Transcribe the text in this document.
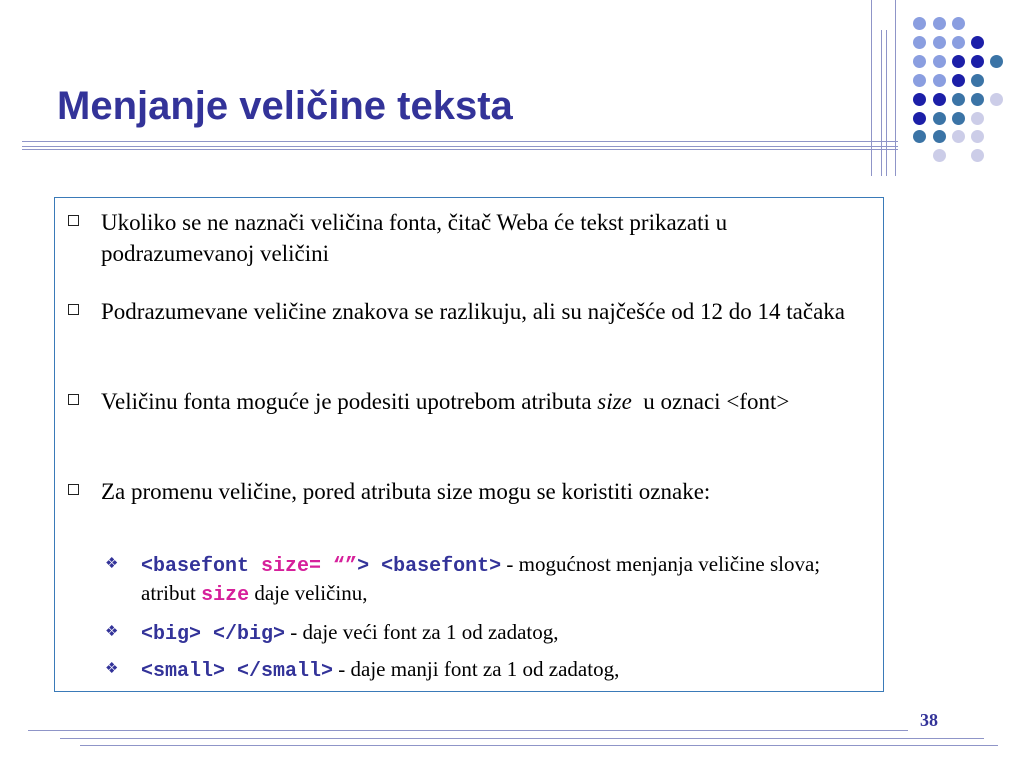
Menjanje veličine teksta
Ukoliko se ne naznači veličina fonta, čitač Weba će tekst prikazati u podrazumevanoj veličini
Podrazumevane veličine znakova se razlikuju, ali su najčešće od 12 do 14 tačaka
Veličinu fonta moguće je podesiti upotrebom atributa size  u oznaci <font>
Za promenu veličine, pored atributa size mogu se koristiti oznake:
❖ <basefont size= “”> <basefont> - mogućnost menjanja veličine slova; atribut size daje veličinu,
❖ <big> </big> - daje veći font za 1 od zadatog,
❖ <small> </small> - daje manji font za 1 od zadatog,
38
